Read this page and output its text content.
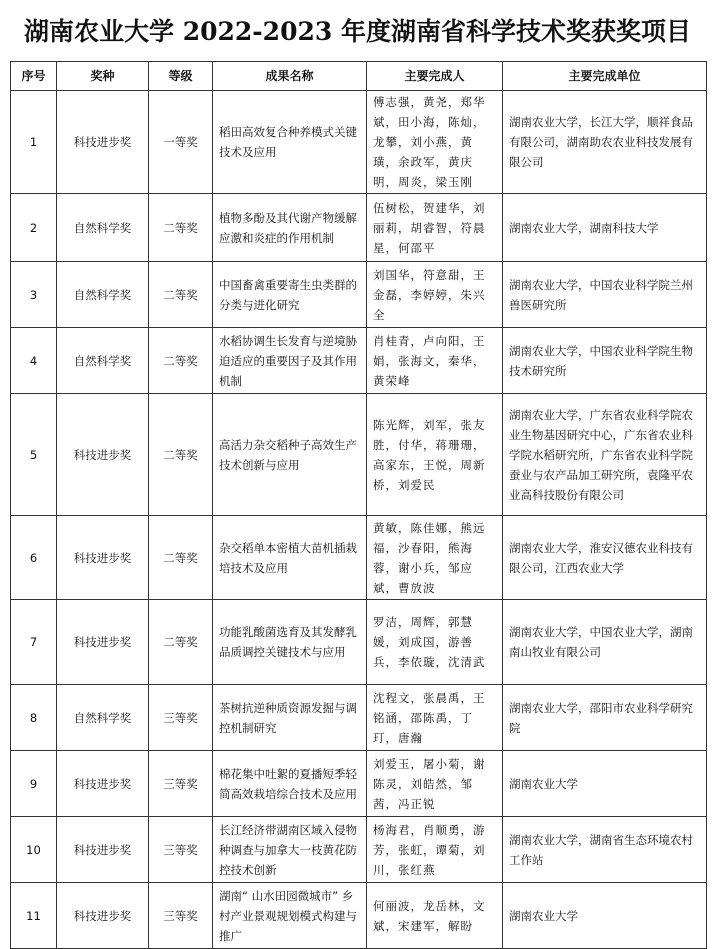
湖南农业大学 2022-2023 年度湖南省科学技术奖获奖项目
序号	奖种	等级	成果名称	主要完成人	主要完成单位
1	科技进步奖	一等奖	稻田高效复合种养模式关键技术及应用	傅志强，黄尧，郑华斌，田小海，陈灿，龙攀，刘小燕，黄璜，余政军，黄庆明，周炎，梁玉刚	湖南农业大学，长江大学，顺祥食品有限公司，湖南助农农业科技发展有限公司
2	自然科学奖	二等奖	植物多酚及其代谢产物缓解应激和炎症的作用机制	伍树松，贺建华，刘丽莉，胡睿智，符晨星，何邵平	湖南农业大学，湖南科技大学
3	自然科学奖	二等奖	中国畜禽重要寄生虫类群的分类与进化研究	刘国华，符意甜，王金磊，李婷婷，朱兴全	湖南农业大学，中国农业科学院兰州兽医研究所
4	自然科学奖	二等奖	水稻协调生长发育与逆境胁迫适应的重要因子及其作用机制	肖桂青，卢向阳，王娟，张海文，秦华，黄荣峰	湖南农业大学，中国农业科学院生物技术研究所
5	科技进步奖	二等奖	高活力杂交稻种子高效生产技术创新与应用	陈光辉，刘军，张友胜，付华，蒋珊珊，高家东，王悦，周新桥，刘爱民	湖南农业大学，广东省农业科学院农业生物基因研究中心，广东省农业科学院水稻研究所，广东省农业科学院蚕业与农产品加工研究所，袁隆平农业高科技股份有限公司
6	科技进步奖	二等奖	杂交稻单本密植大苗机插栽培技术及应用	黄敏，陈佳娜，熊远福，沙春阳，熊海蓉，谢小兵，邹应斌，曹放波	湖南农业大学，淮安汉德农业科技有限公司，江西农业大学
7	科技进步奖	二等奖	功能乳酸菌选育及其发酵乳品质调控关键技术与应用	罗洁，周辉，郭慧媛，刘成国，游善兵，李依璇，沈清武	湖南农业大学，中国农业大学，湖南南山牧业有限公司
8	自然科学奖	三等奖	茶树抗逆种质资源发掘与调控机制研究	沈程文，张晨禹，王铭涵，邵陈禹，丁玎，唐瀚	湖南农业大学，邵阳市农业科学研究院
9	科技进步奖	三等奖	棉花集中吐絮的夏播短季轻简高效栽培综合技术及应用	刘爱玉，屠小菊，谢陈灵，刘皓然，邹茜，冯正锐	湖南农业大学
10	科技进步奖	三等奖	长江经济带湖南区域入侵物种调查与加拿大一枝黄花防控技术创新	杨海君，肖顺勇，游芳，张虹，谭菊，刘川，张红燕	湖南农业大学，湖南省生态环境农村工作站
11	科技进步奖	三等奖	湖南“ 山水田园微城市” 乡村产业景观规划模式构建与推广	何丽波，龙岳林，文斌，宋建军，解盼	湖南农业大学
